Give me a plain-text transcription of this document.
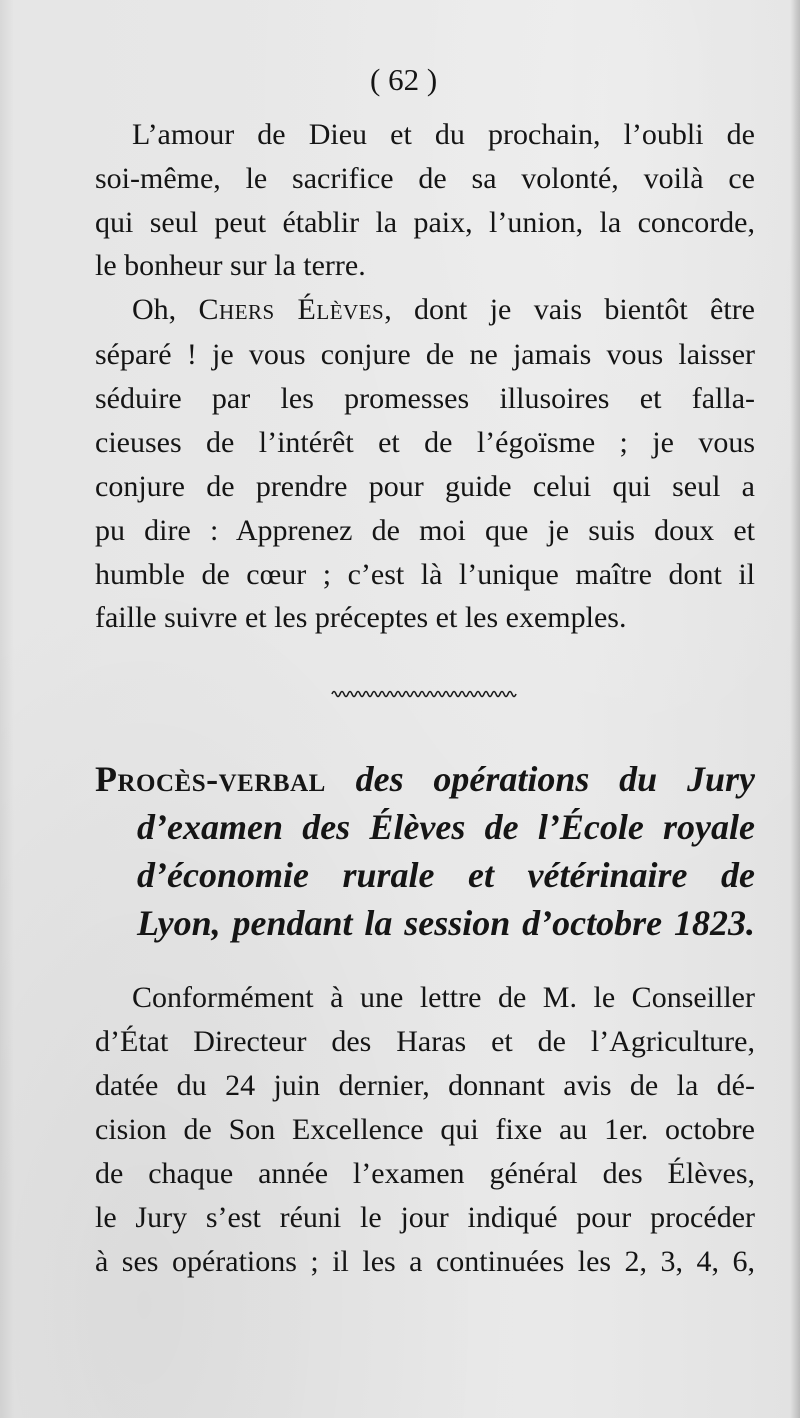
( 62 )
L’amour de Dieu et du prochain, l’oubli de
soi-même, le sacrifice de sa volonté, voilà ce
qui seul peut établir la paix, l’union, la concorde,
le bonheur sur la terre.
Oh, Chers Élèves, dont je vais bientôt être
séparé ! je vous conjure de ne jamais vous laisser
séduire par les promesses illusoires et falla-
cieuses de l’intérêt et de l’égoïsme ; je vous
conjure de prendre pour guide celui qui seul a
pu dire : Apprenez de moi que je suis doux et
humble de cœur ; c’est là l’unique maître dont il
faille suivre et les préceptes et les exemples.
Procès-verbal des opérations du Jury
d’examen des Élèves de l’École royale
d’économie rurale et vétérinaire de
Lyon, pendant la session d’octobre 1823.
Conformément à une lettre de M. le Conseiller
d’État Directeur des Haras et de l’Agriculture,
datée du 24 juin dernier, donnant avis de la dé-
cision de Son Excellence qui fixe au 1er. octobre
de chaque année l’examen général des Élèves,
le Jury s’est réuni le jour indiqué pour procéder
à ses opérations ; il les a continuées les 2, 3, 4, 6,
